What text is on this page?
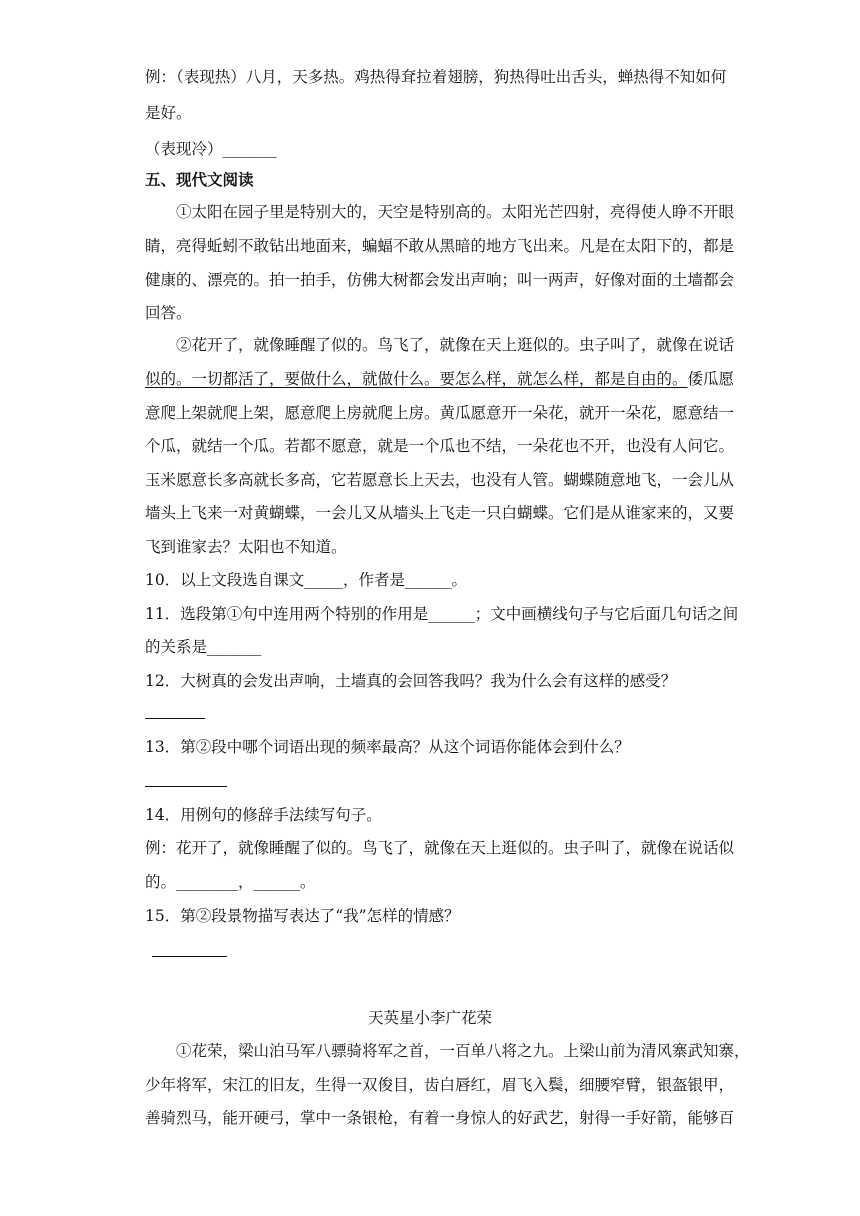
例：（表现热）八月，天多热。鸡热得耷拉着翅膀，狗热得吐出舌头，蝉热得不知如何
是好。
（表现冷）_______
五、现代文阅读
①太阳在园子里是特别大的，天空是特别高的。太阳光芒四射，亮得使人睁不开眼
睛，亮得蚯蚓不敢钻出地面来，蝙蝠不敢从黑暗的地方飞出来。凡是在太阳下的，都是
健康的、漂亮的。拍一拍手，仿佛大树都会发出声响；叫一两声，好像对面的土墙都会
回答。
②花开了，就像睡醒了似的。鸟飞了，就像在天上逛似的。虫子叫了，就像在说话
似的。一切都活了，要做什么，就做什么。要怎么样，就怎么样，都是自由的。倭瓜愿
意爬上架就爬上架，愿意爬上房就爬上房。黄瓜愿意开一朵花，就开一朵花，愿意结一
个瓜，就结一个瓜。若都不愿意，就是一个瓜也不结，一朵花也不开，也没有人问它。
玉米愿意长多高就长多高，它若愿意长上天去，也没有人管。蝴蝶随意地飞，一会儿从
墙头上飞来一对黄蝴蝶，一会儿又从墙头上飞走一只白蝴蝶。它们是从谁家来的，又要
飞到谁家去？太阳也不知道。
10．以上文段选自课文_____，作者是______。
11．选段第①句中连用两个特别的作用是______；文中画横线句子与它后面几句话之间
的关系是_______
12．大树真的会发出声响，土墙真的会回答我吗？我为什么会有这样的感受？
13．第②段中哪个词语出现的频率最高？从这个词语你能体会到什么？
14．用例句的修辞手法续写句子。
例：花开了，就像睡醒了似的。鸟飞了，就像在天上逛似的。虫子叫了，就像在说话似
的。________，______。
15．第②段景物描写表达了“我”怎样的情感？
天英星小李广花荣
①花荣，梁山泊马军八骠骑将军之首，一百单八将之九。上梁山前为清风寨武知寨，
少年将军，宋江的旧友，生得一双俊目，齿白唇红，眉飞入鬓，细腰窄臂，银盔银甲，
善骑烈马，能开硬弓，掌中一条银枪，有着一身惊人的好武艺，射得一手好箭，能够百
